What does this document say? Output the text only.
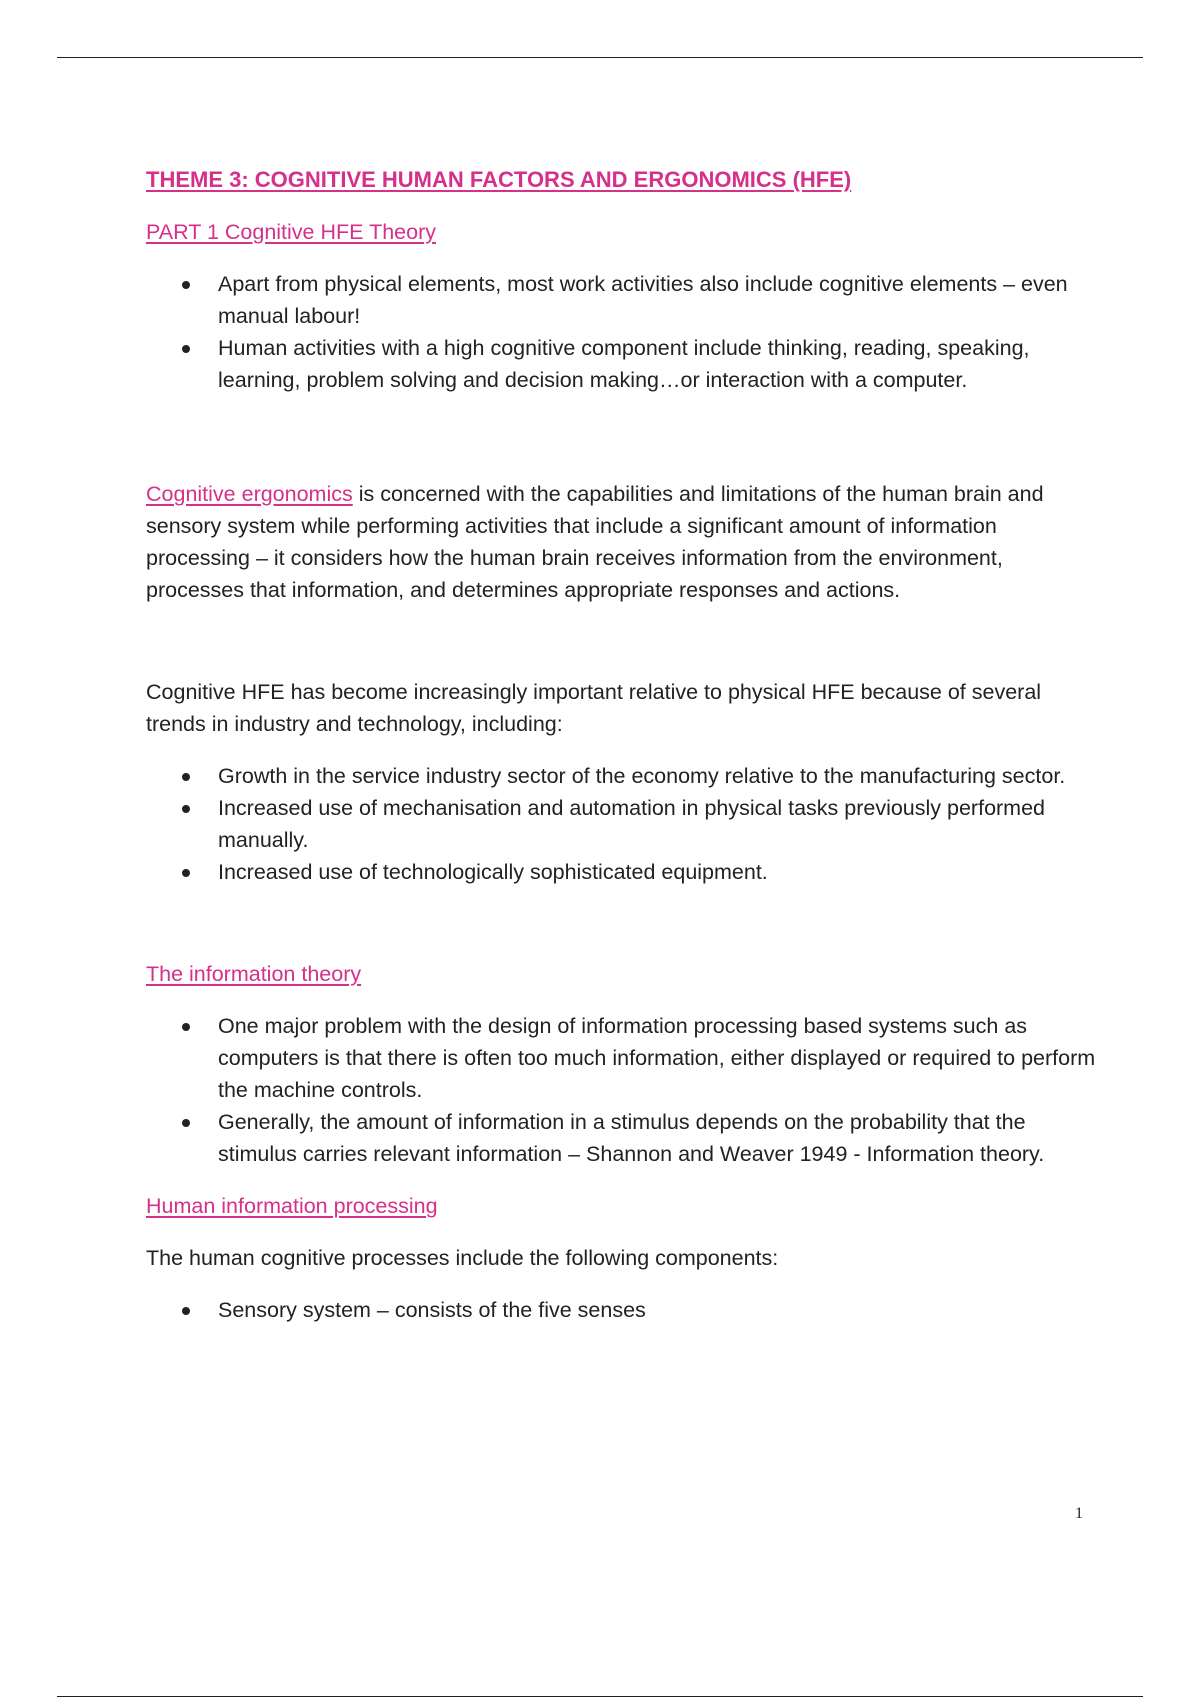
THEME 3: COGNITIVE HUMAN FACTORS AND ERGONOMICS (HFE)

PART 1 Cognitive HFE Theory

Apart from physical elements, most work activities also include cognitive elements – even manual labour!
Human activities with a high cognitive component include thinking, reading, speaking, learning, problem solving and decision making…or interaction with a computer.

Cognitive ergonomics is concerned with the capabilities and limitations of the human brain and sensory system while performing activities that include a significant amount of information processing – it considers how the human brain receives information from the environment, processes that information, and determines appropriate responses and actions.

Cognitive HFE has become increasingly important relative to physical HFE because of several trends in industry and technology, including:

Growth in the service industry sector of the economy relative to the manufacturing sector.
Increased use of mechanisation and automation in physical tasks previously performed manually.
Increased use of technologically sophisticated equipment.

The information theory

One major problem with the design of information processing based systems such as computers is that there is often too much information, either displayed or required to perform the machine controls.
Generally, the amount of information in a stimulus depends on the probability that the stimulus carries relevant information – Shannon and Weaver 1949 - Information theory.

Human information processing

The human cognitive processes include the following components:

Sensory system – consists of the five senses
1
